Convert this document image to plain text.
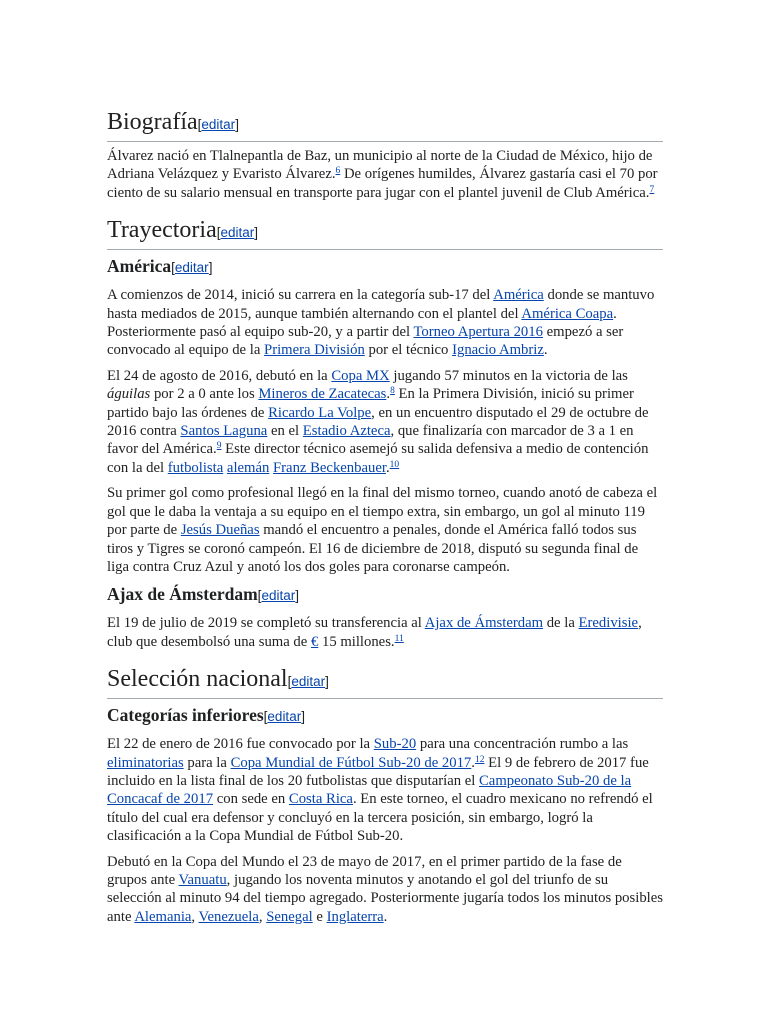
Biografía[editar]

Álvarez nació en Tlalnepantla de Baz, un municipio al norte de la Ciudad de México, hijo de Adriana Velázquez y Evaristo Álvarez.$^6$ De orígenes humildes, Álvarez gastaría casi el 70 por ciento de su salario mensual en transporte para jugar con el plantel juvenil de Club América.$^7$

Trayectoria[editar]
América[editar]

A comienzos de 2014, inició su carrera en la categoría sub-17 del América donde se mantuvo hasta mediados de 2015, aunque también alternando con el plantel del América Coapa. Posteriormente pasó al equipo sub-20, y a partir del Torneo Apertura 2016 empezó a ser convocado al equipo de la Primera División por el técnico Ignacio Ambriz.

El 24 de agosto de 2016, debutó en la Copa MX jugando 57 minutos en la victoria de las águilas por 2 a 0 ante los Mineros de Zacatecas.$^8$ En la Primera División, inició su primer partido bajo las órdenes de Ricardo La Volpe, en un encuentro disputado el 29 de octubre de 2016 contra Santos Laguna en el Estadio Azteca, que finalizaría con marcador de 3 a 1 en favor del América.$^9$ Este director técnico asemejó su salida defensiva a medio de contención con la del futbolista alemán Franz Beckenbauer.$^{10}$

Su primer gol como profesional llegó en la final del mismo torneo, cuando anotó de cabeza el gol que le daba la ventaja a su equipo en el tiempo extra, sin embargo, un gol al minuto 119 por parte de Jesús Dueñas mandó el encuentro a penales, donde el América falló todos sus tiros y Tigres se coronó campeón. El 16 de diciembre de 2018, disputó su segunda final de liga contra Cruz Azul y anotó los dos goles para coronarse campeón.

Ajax de Ámsterdam[editar]

El 19 de julio de 2019 se completó su transferencia al Ajax de Ámsterdam de la Eredivisie, club que desembolsó una suma de € 15 millones.$^{11}$

Selección nacional[editar]
Categorías inferiores[editar]

El 22 de enero de 2016 fue convocado por la Sub-20 para una concentración rumbo a las eliminatorias para la Copa Mundial de Fútbol Sub-20 de 2017.12 El 9 de febrero de 2017 fue incluido en la lista final de los 20 futbolistas que disputarían el Campeonato Sub-20 de la Concacaf de 2017 con sede en Costa Rica. En este torneo, el cuadro mexicano no refrendó el título del cual era defensor y concluyó en la tercera posición, sin embargo, logró la clasificación a la Copa Mundial de Fútbol Sub-20.

Debutó en la Copa del Mundo el 23 de mayo de 2017, en el primer partido de la fase de grupos ante Vanuatu, jugando los noventa minutos y anotando el gol del triunfo de su selección al minuto 94 del tiempo agregado. Posteriormente jugaría todos los minutos posibles ante Alemania, Venezuela, Senegal e Inglaterra.
